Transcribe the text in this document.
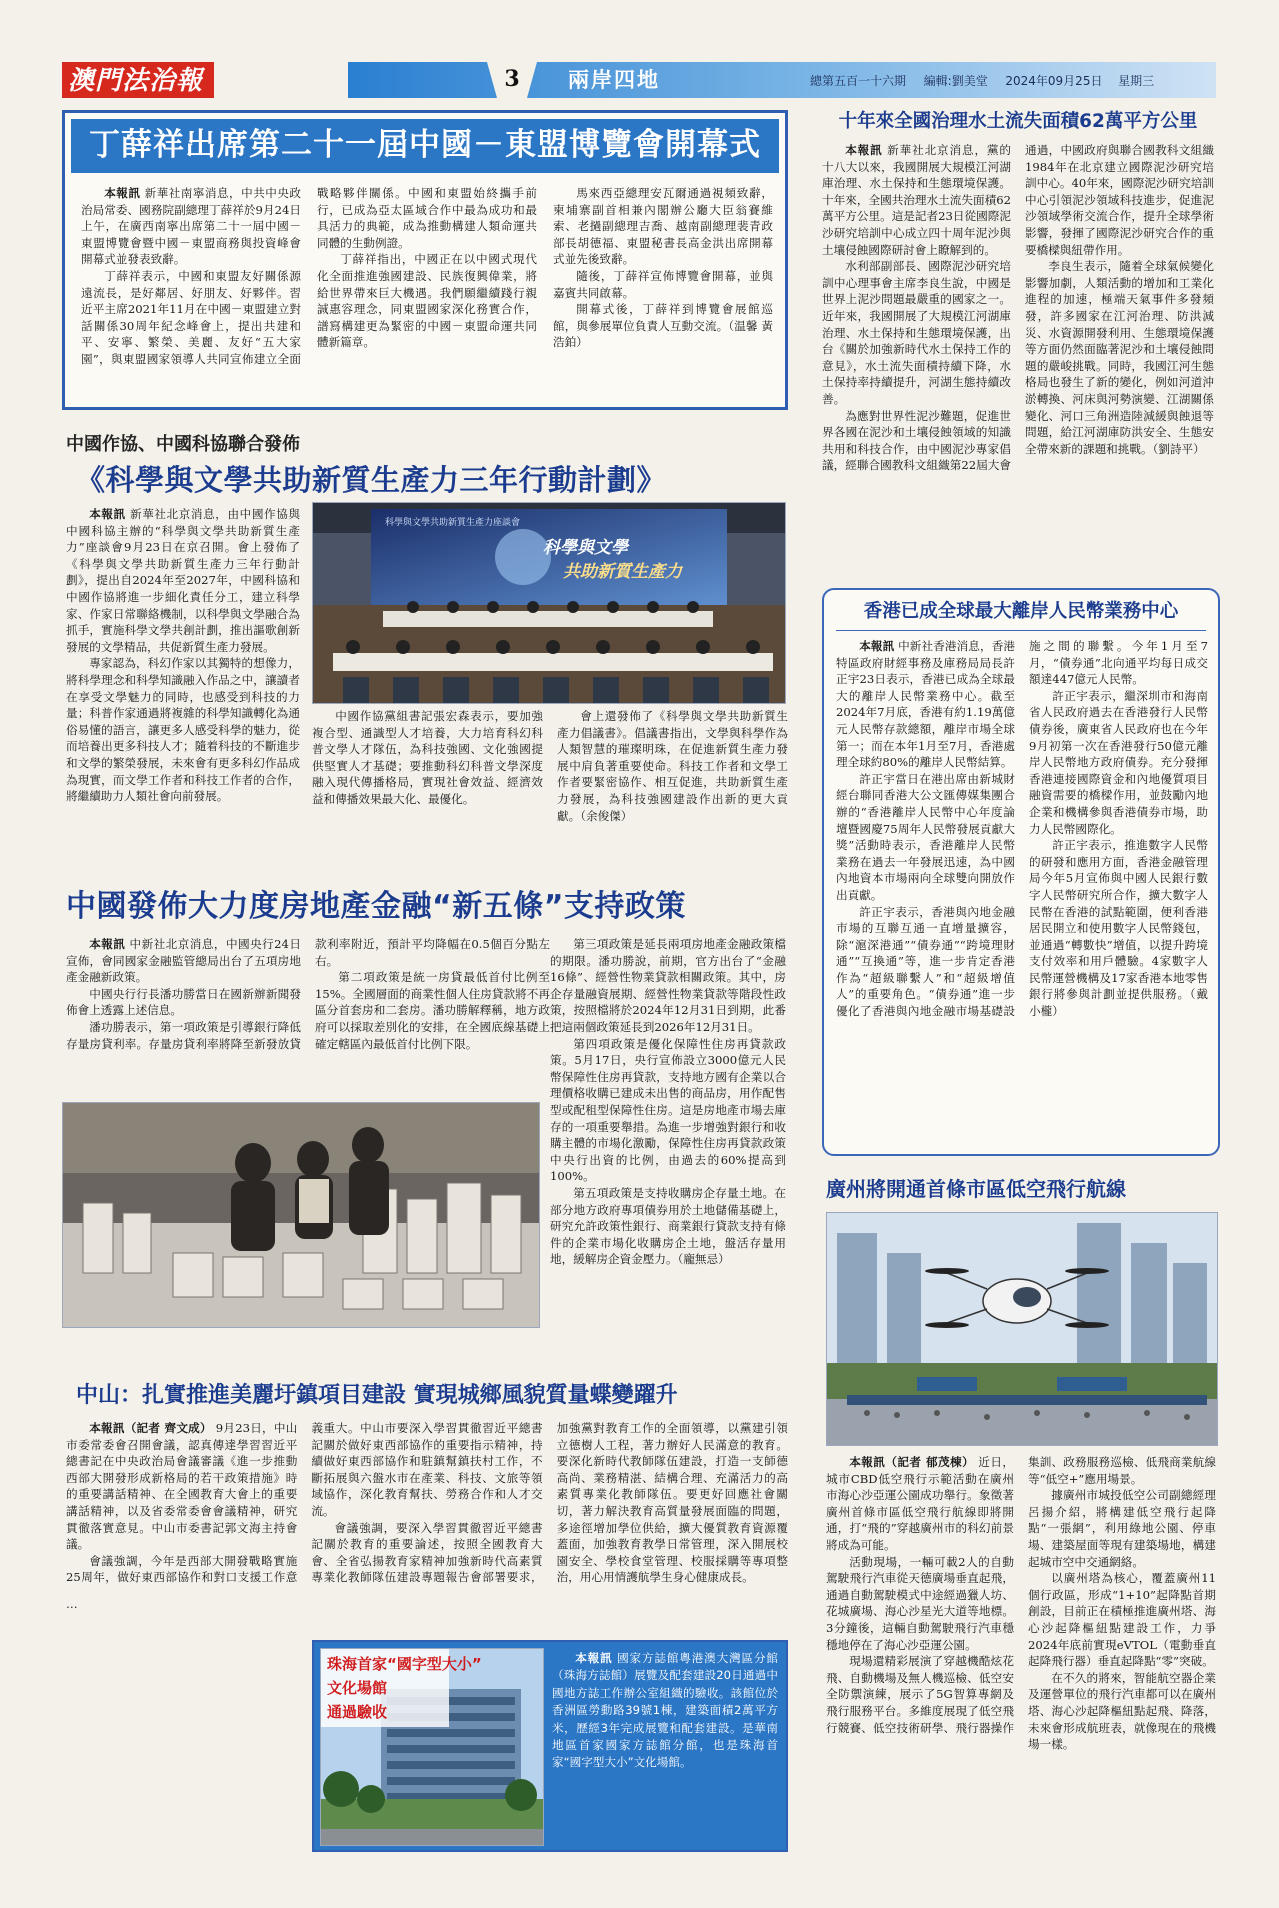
澳門法治報	3	兩岸四地	總第五百一十六期 編輯:劉美堂 2024年09月25日 星期三
丁薛祥出席第二十一屆中國－東盟博覽會開幕式

本報訊 新華社南寧消息，中共中央政治局常委、國務院副總理丁薛祥於9月24日上午，在廣西南寧出席第二十一屆中國－東盟博覽會暨中國－東盟商務與投資峰會開幕式並發表致辭。

丁薛祥表示，中國和東盟友好關係源遠流長，是好鄰居、好朋友、好夥伴。習近平主席2021年11月在中國－東盟建立對話關係30周年紀念峰會上，提出共建和平、安寧、繁榮、美麗、友好“五大家園”，與東盟國家領導人共同宣佈建立全面戰略夥伴關係。中國和東盟始終攜手前行，已成為亞太區域合作中最為成功和最具活力的典範，成為推動構建人類命運共同體的生動例證。

丁薛祥指出，中國正在以中國式現代化全面推進強國建設、民族復興偉業，將給世界帶來巨大機遇。我們願繼續踐行親誠惠容理念，同東盟國家深化務實合作，譜寫構建更為緊密的中國－東盟命運共同體新篇章。

馬來西亞總理安瓦爾通過視頻致辭，柬埔寨副首相兼內閣辦公廳大臣翁賽維索、老撾副總理吉喬、越南副總理裴青政部長胡德福、東盟秘書長高金洪出席開幕式並先後致辭。

隨後，丁薛祥宣佈博覽會開幕，並與嘉賓共同啟幕。

開幕式後，丁薛祥到博覽會展館巡館，與參展單位負責人互動交流。（温馨 黃浩鉑）

十年來全國治理水土流失面積62萬平方公里

本報訊 新華社北京消息，黨的十八大以來，我國開展大規模江河湖庫治理、水土保持和生態環境保護。十年來，全國共治理水土流失面積62萬平方公里。這是記者23日從國際泥沙研究培訓中心成立四十周年泥沙與土壤侵蝕國際研討會上瞭解到的。

水利部副部長、國際泥沙研究培訓中心理事會主席李良生說，中國是世界上泥沙問題最嚴重的國家之一。近年來，我國開展了大規模江河湖庫治理、水土保持和生態環境保護，出台《關於加強新時代水土保持工作的意見》，水土流失面積持續下降，水土保持率持續提升，河湖生態持續改善。

為應對世界性泥沙難題，促進世界各國在泥沙和土壤侵蝕領域的知識共用和科技合作，由中國泥沙專家倡議，經聯合國教科文組織第22屆大會通過，中國政府與聯合國教科文組織1984年在北京建立國際泥沙研究培訓中心。40年來，國際泥沙研究培訓中心引領泥沙領域科技進步，促進泥沙領域學術交流合作，提升全球學術影響，發揮了國際泥沙研究合作的重要橋樑與紐帶作用。

李良生表示，隨着全球氣候變化影響加劇，人類活動的增加和工業化進程的加速，極端天氣事件多發頻發，許多國家在江河治理、防洪減災、水資源開發利用、生態環境保護等方面仍然面臨著泥沙和土壤侵蝕問題的嚴峻挑戰。同時，我國江河生態格局也發生了新的變化，例如河道沖淤轉換、河床與河勢演變、江湖關係變化、河口三角洲造陸減緩與蝕退等問題，給江河湖庫防洪安全、生態安全帶來新的課題和挑戰。（劉詩平）

中國作協、中國科協聯合發佈
《科學與文學共助新質生產力三年行動計劃》

本報訊 新華社北京消息，由中國作協與中國科協主辦的“科學與文學共助新質生產力”座談會9月23日在京召開。會上發佈了《科學與文學共助新質生產力三年行動計劃》，提出自2024年至2027年，中國科協和中國作協將進一步細化責任分工，建立科學家、作家日常聯絡機制，以科學與文學融合為抓手，實施科學文學共創計劃，推出謳歌創新發展的文學精品，共促新質生產力發展。

專家認為，科幻作家以其獨特的想像力，將科學理念和科學知識融入作品之中，讓讀者在享受文學魅力的同時，也感受到科技的力量；科普作家通過將複雜的科學知識轉化為通俗易懂的語言，讓更多人感受科學的魅力，從而培養出更多科技人才；隨着科技的不斷進步和文學的繁榮發展，未來會有更多科幻作品成為現實，而文學工作者和科技工作者的合作，將繼續助力人類社會向前發展。

科學與文學共助新質生產力座談會
科學與文學
共助新質生產力

中國作協黨組書記張宏森表示，要加強複合型、通識型人才培養，大力培育科幻科普文學人才隊伍，為科技強國、文化強國提供堅實人才基礎；要推動科幻科普文學深度融入現代傳播格局，實現社會效益、經濟效益和傳播效果最大化、最優化。

會上還發佈了《科學與文學共助新質生產力倡議書》。倡議書指出，文學與科學作為人類智慧的璀璨明珠，在促進新質生產力發展中肩負著重要使命。科技工作者和文學工作者要緊密協作、相互促進，共助新質生產力發展，為科技強國建設作出新的更大貢獻。（余俊傑）

中國發佈大力度房地產金融“新五條”支持政策

本報訊 中新社北京消息，中國央行24日宣佈，會同國家金融監管總局出台了五項房地產金融新政策。

中國央行行長潘功勝當日在國新辦新聞發佈會上透露上述信息。

潘功勝表示，第一項政策是引導銀行降低存量房貸利率。存量房貸利率將降至新發放貸款利率附近，預計平均降幅在0.5個百分點左右。

第二項政策是統一房貸最低首付比例至15%。全國層面的商業性個人住房貸款將不再區分首套房和二套房。潘功勝解釋稱，地方政府可以採取差別化的安排，在全國底線基礎上確定轄區內最低首付比例下限。

第三項政策是延長兩項房地產金融政策檔的期限。潘功勝說，前期，官方出台了“金融16條”、經營性物業貸款相關政策。其中，房企存量融資展期、經營性物業貸款等階段性政策，按照檔將於2024年12月31日到期，此番把這兩個政策延長到2026年12月31日。

第四項政策是優化保障性住房再貸款政策。5月17日，央行宣佈設立3000億元人民幣保障性住房再貸款，支持地方國有企業以合理價格收購已建成未出售的商品房，用作配售型或配租型保障性住房。這是房地產市場去庫存的一項重要舉措。為進一步增強對銀行和收購主體的市場化激勵，保障性住房再貸款政策中央行出資的比例，由過去的60%提高到100%。

第五項政策是支持收購房企存量土地。在部分地方政府專項債券用於土地儲備基礎上，研究允許政策性銀行、商業銀行貸款支持有條件的企業市場化收購房企土地，盤活存量用地，緩解房企資金壓力。（龐無忌）

香港已成全球最大離岸人民幣業務中心

本報訊 中新社香港消息，香港特區政府財經事務及庫務局局長許正宇23日表示，香港已成為全球最大的離岸人民幣業務中心。截至2024年7月底，香港有約1.19萬億元人民幣存款總額，離岸市場全球第一；而在本年1月至7月，香港處理全球約80%的離岸人民幣結算。

許正宇當日在港出席由新城財經台聯同香港大公文匯傳媒集團合辦的“香港離岸人民幣中心年度論壇暨國慶75周年人民幣發展貢獻大獎”活動時表示，香港離岸人民幣業務在過去一年發展迅速，為中國內地資本市場兩向全球雙向開放作出貢獻。

許正宇表示，香港與內地金融市場的互聯互通一直增量擴容，除“滬深港通”“債券通”“跨境理財通”“互換通”等，進一步肯定香港作為“超級聯繫人”和“超級增值人”的重要角色。“債券通”進一步優化了香港與內地金融市場基礎設施之間的聯繫。今年1月至7月，“債券通”北向通平均每日成交額達447億元人民幣。

許正宇表示，繼深圳市和海南省人民政府過去在香港發行人民幣債券後，廣東省人民政府也在今年9月初第一次在香港發行50億元離岸人民幣地方政府債券。充分發揮香港連接國際資金和內地優質項目融資需要的橋樑作用，並鼓勵內地企業和機構參與香港債券市場，助力人民幣國際化。

許正宇表示，推進數字人民幣的研發和應用方面，香港金融管理局今年5月宣佈與中國人民銀行數字人民幣研究所合作，擴大數字人民幣在香港的試點範圍，便利香港居民開立和使用數字人民幣錢包，並通過“轉數快”增值，以提升跨境支付效率和用戶體驗。4家數字人民幣運營機構及17家香港本地零售銀行將參與計劃並提供服務。（戴小櫳）

廣州將開通首條市區低空飛行航線

本報訊（記者 郁茂棟） 近日，城市CBD低空飛行示範活動在廣州市海心沙亞運公園成功舉行。象徵著廣州首條市區低空飛行航線即將開通，打“飛的”穿越廣州市的科幻前景將成為可能。

活動現場，一輛可載2人的自動駕駛飛行汽車從天德廣場垂直起飛，通過自動駕駛模式中途經過獵人坊、花城廣場、海心沙星光大道等地標。3分鐘後，這輛自動駕駛飛行汽車穩穩地停在了海心沙亞運公園。

現場還精彩展演了穿越機酷炫花飛、自動機場及無人機巡檢、低空安全防禦演練，展示了5G智算專網及飛行服務平台。多維度展現了低空飛行競賽、低空技術研學、飛行器操作集訓、政務服務巡檢、低飛商業航線等“低空+”應用場景。

據廣州市城投低空公司副總經理呂揚介紹，將構建低空飛行起降點“一張網”，利用綠地公園、停車場、建築屋面等現有建築場地，構建起城市空中交通網絡。

以廣州塔為核心，覆蓋廣州11個行政區，形成“1+10”起降點首期創設，目前正在積極推進廣州塔、海心沙起降樞紐點建設工作，力爭2024年底前實現eVTOL（電動垂直起降飛行器）垂直起降點“零”突破。

在不久的將來，智能航空器企業及運營單位的飛行汽車都可以在廣州塔、海心沙起降樞紐點起飛、降落，未來會形成航班表，就像現在的飛機場一樣。

中山：扎實推進美麗圩鎮項目建設 實現城鄉風貌質量蝶變躍升

本報訊（記者 齊文成） 9月23日，中山市委常委會召開會議，認真傳達學習習近平總書記在中央政治局會議審議《進一步推動西部大開發形成新格局的若干政策措施》時的重要講話精神、在全國教育大會上的重要講話精神，以及省委常委會會議精神，研究貫徹落實意見。中山市委書記郭文海主持會議。

會議強調，今年是西部大開發戰略實施25周年，做好東西部協作和對口支援工作意義重大。中山市要深入學習貫徹習近平總書記關於做好東西部協作的重要指示精神，持續做好東西部協作和駐鎮幫鎮扶村工作，不斷拓展與六盤水市在產業、科技、文旅等領域協作，深化教育幫扶、勞務合作和人才交流。

會議強調，要深入學習貫徹習近平總書記關於教育的重要論述，按照全國教育大會、全省弘揚教育家精神加強新時代高素質專業化教師隊伍建設專題報告會部署要求，加強黨對教育工作的全面領導，以黨建引領立德樹人工程，著力辦好人民滿意的教育。要深化新時代教師隊伍建設，打造一支師德高尚、業務精湛、結構合理、充滿活力的高素質專業化教師隊伍。要更好回應社會關切，著力解決教育高質量發展面臨的問題，多途徑增加學位供給，擴大優質教育資源覆蓋面，加強教育教學日常管理，深入開展校園安全、學校食堂管理、校服採購等專項整治，用心用情護航學生身心健康成長。

…

珠海首家“國字型大小”
文化場館
通過驗收

本報訊 國家方誌館粵港澳大灣區分館（珠海方誌館）展覽及配套建設20日通過中國地方誌工作辦公室組織的驗收。該館位於香洲區勞動路39號1棟，建築面積2萬平方米，歷經3年完成展覽和配套建設。是華南地區首家國家方誌館分館，也是珠海首家“國字型大小”文化場館。
